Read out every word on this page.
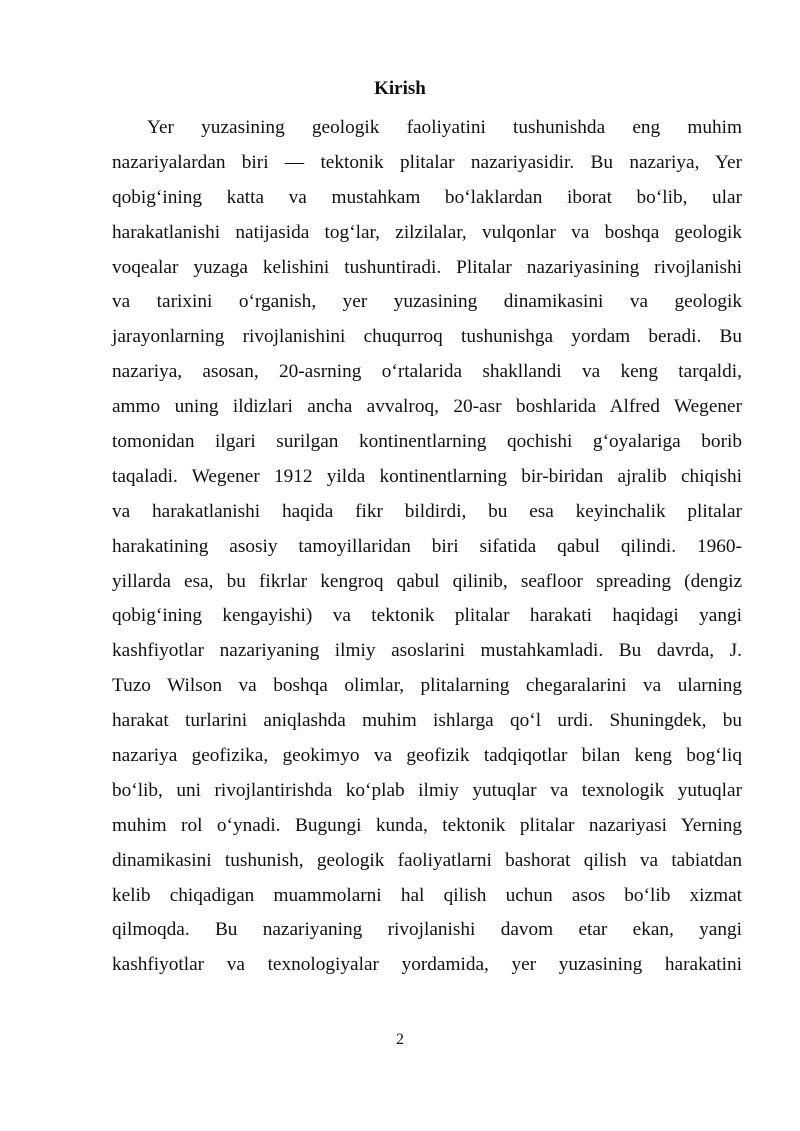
Kirish
Yer yuzasining geologik faoliyatini tushunishda eng muhim
nazariyalardan biri — tektonik plitalar nazariyasidir. Bu nazariya, Yer
qobig‘ining katta va mustahkam bo‘laklardan iborat bo‘lib, ular
harakatlanishi natijasida tog‘lar, zilzilalar, vulqonlar va boshqa geologik
voqealar yuzaga kelishini tushuntiradi. Plitalar nazariyasining rivojlanishi
va tarixini o‘rganish, yer yuzasining dinamikasini va geologik
jarayonlarning rivojlanishini chuqurroq tushunishga yordam beradi. Bu
nazariya, asosan, 20-asrning o‘rtalarida shakllandi va keng tarqaldi,
ammo uning ildizlari ancha avvalroq, 20-asr boshlarida Alfred Wegener
tomonidan ilgari surilgan kontinentlarning qochishi g‘oyalariga borib
taqaladi. Wegener 1912 yilda kontinentlarning bir-biridan ajralib chiqishi
va harakatlanishi haqida fikr bildirdi, bu esa keyinchalik plitalar
harakatining asosiy tamoyillaridan biri sifatida qabul qilindi. 1960-
yillarda esa, bu fikrlar kengroq qabul qilinib, seafloor spreading (dengiz
qobig‘ining kengayishi) va tektonik plitalar harakati haqidagi yangi
kashfiyotlar nazariyaning ilmiy asoslarini mustahkamladi. Bu davrda, J.
Tuzo Wilson va boshqa olimlar, plitalarning chegaralarini va ularning
harakat turlarini aniqlashda muhim ishlarga qo‘l urdi. Shuningdek, bu
nazariya geofizika, geokimyo va geofizik tadqiqotlar bilan keng bog‘liq
bo‘lib, uni rivojlantirishda ko‘plab ilmiy yutuqlar va texnologik yutuqlar
muhim rol o‘ynadi. Bugungi kunda, tektonik plitalar nazariyasi Yerning
dinamikasini tushunish, geologik faoliyatlarni bashorat qilish va tabiatdan
kelib chiqadigan muammolarni hal qilish uchun asos bo‘lib xizmat
qilmoqda. Bu nazariyaning rivojlanishi davom etar ekan, yangi
kashfiyotlar va texnologiyalar yordamida, yer yuzasining harakatini
2
